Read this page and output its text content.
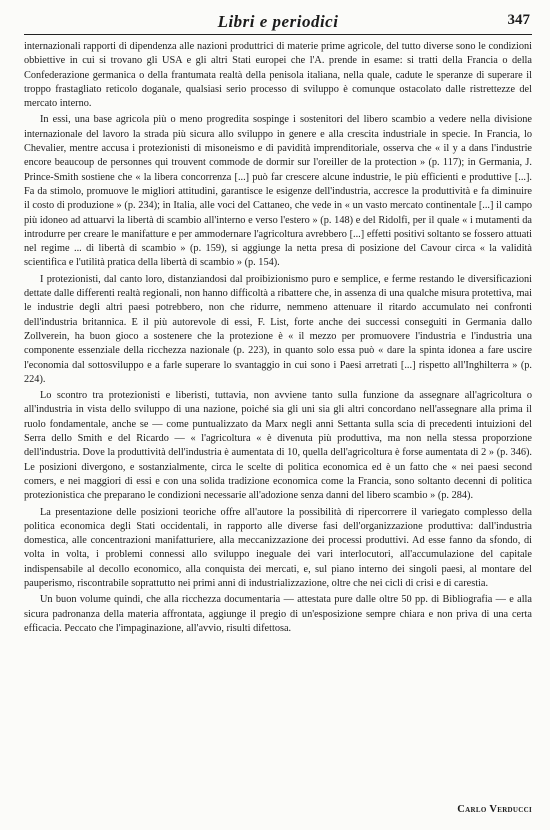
Libri e periodici	347

internazionali rapporti di dipendenza alle nazioni produttrici di materie prime agricole, del tutto diverse sono le condizioni obbiettive in cui si trovano gli USA e gli altri Stati europei che l'A. prende in esame: si tratti della Francia o della Confederazione germanica o della frantumata realtà della penisola italiana, nella quale, cadute le speranze di superare il troppo frastagliato reticolo doganale, qualsiasi serio processo di sviluppo è comunque ostacolato dalle ristrettezze del mercato interno.

In essi, una base agricola più o meno progredita sospinge i sostenitori del libero scambio a vedere nella divisione internazionale del lavoro la strada più sicura allo sviluppo in genere e alla crescita industriale in specie. In Francia, lo Chevalier, mentre accusa i protezionisti di misoneismo e di pavidità imprenditoriale, osserva che « il y a dans l'industrie encore beaucoup de personnes qui trouvent commode de dormir sur l'oreiller de la protection » (p. 117); in Germania, J. Prince-Smith sostiene che « la libera concorrenza [...] può far crescere alcune industrie, le più efficienti e produttive [...]. Fa da stimolo, promuove le migliori attitudini, garantisce le esigenze dell'industria, accresce la produttività e fa diminuire il costo di produzione » (p. 234); in Italia, alle voci del Cattaneo, che vede in « un vasto mercato continentale [...] il campo più idoneo ad attuarvi la libertà di scambio all'interno e verso l'estero » (p. 148) e del Ridolfi, per il quale « i mutamenti da introdurre per creare le manifatture e per ammodernare l'agricoltura avrebbero [...] effetti positivi soltanto se fossero attuati nel regime ... di libertà di scambio » (p. 159), si aggiunge la netta presa di posizione del Cavour circa « la validità scientifica e l'utilità pratica della libertà di scambio » (p. 154).

I protezionisti, dal canto loro, distanziandosi dal proibizionismo puro e semplice, e ferme restando le diversificazioni dettate dalle differenti realtà regionali, non hanno difficoltà a ribattere che, in assenza di una qualche misura protettiva, mai le industrie degli altri paesi potrebbero, non che ridurre, nemmeno attenuare il ritardo accumulato nei confronti dell'industria britannica. E il più autorevole di essi, F. List, forte anche dei successi conseguiti in Germania dallo Zollverein, ha buon gioco a sostenere che la protezione è « il mezzo per promuovere l'industria e l'industria una componente essenziale della ricchezza nazionale (p. 223), in quanto solo essa può « dare la spinta idonea a fare uscire l'economia dal sottosviluppo e a farle superare lo svantaggio in cui sono i Paesi arretrati [...] rispetto all'Inghilterra » (p. 224).

Lo scontro tra protezionisti e liberisti, tuttavia, non avviene tanto sulla funzione da assegnare all'agricoltura o all'industria in vista dello sviluppo di una nazione, poiché sia gli uni sia gli altri concordano nell'assegnare alla prima il ruolo fondamentale, anche se — come puntualizzato da Marx negli anni Settanta sulla scia di precedenti intuizioni del Serra dello Smith e del Ricardo — « l'agricoltura « è divenuta più produttiva, ma non nella stessa proporzione dell'industria. Dove la produttività dell'industria è aumentata di 10, quella dell'agricoltura è forse aumentata di 2 » (p. 346). Le posizioni divergono, e sostanzialmente, circa le scelte di politica economica ed è un fatto che « nei paesi second comers, e nei maggiori di essi e con una solida tradizione economica come la Francia, sono soltanto decenni di politica protezionistica che preparano le condizioni necessarie all'adozione senza danni del libero scambio » (p. 284).

La presentazione delle posizioni teoriche offre all'autore la possibilità di ripercorrere il variegato complesso della politica economica degli Stati occidentali, in rapporto alle diverse fasi dell'organizzazione produttiva: dall'industria domestica, alle concentrazioni manifatturiere, alla meccanizzazione dei processi produttivi. Ad esse fanno da sfondo, di volta in volta, i problemi connessi allo sviluppo ineguale dei vari interlocutori, all'accumulazione del capitale indispensabile al decollo economico, alla conquista dei mercati, e, sul piano interno dei singoli paesi, al montare del pauperismo, riscontrabile soprattutto nei primi anni di industrializzazione, oltre che nei cicli di crisi e di carestia.

Un buon volume quindi, che alla ricchezza documentaria — attestata pure dalle oltre 50 pp. di Bibliografia — e alla sicura padronanza della materia affrontata, aggiunge il pregio di un'esposizione sempre chiara e non priva di una certa efficacia. Peccato che l'impaginazione, all'avvio, risulti difettosa.

Carlo Verducci
